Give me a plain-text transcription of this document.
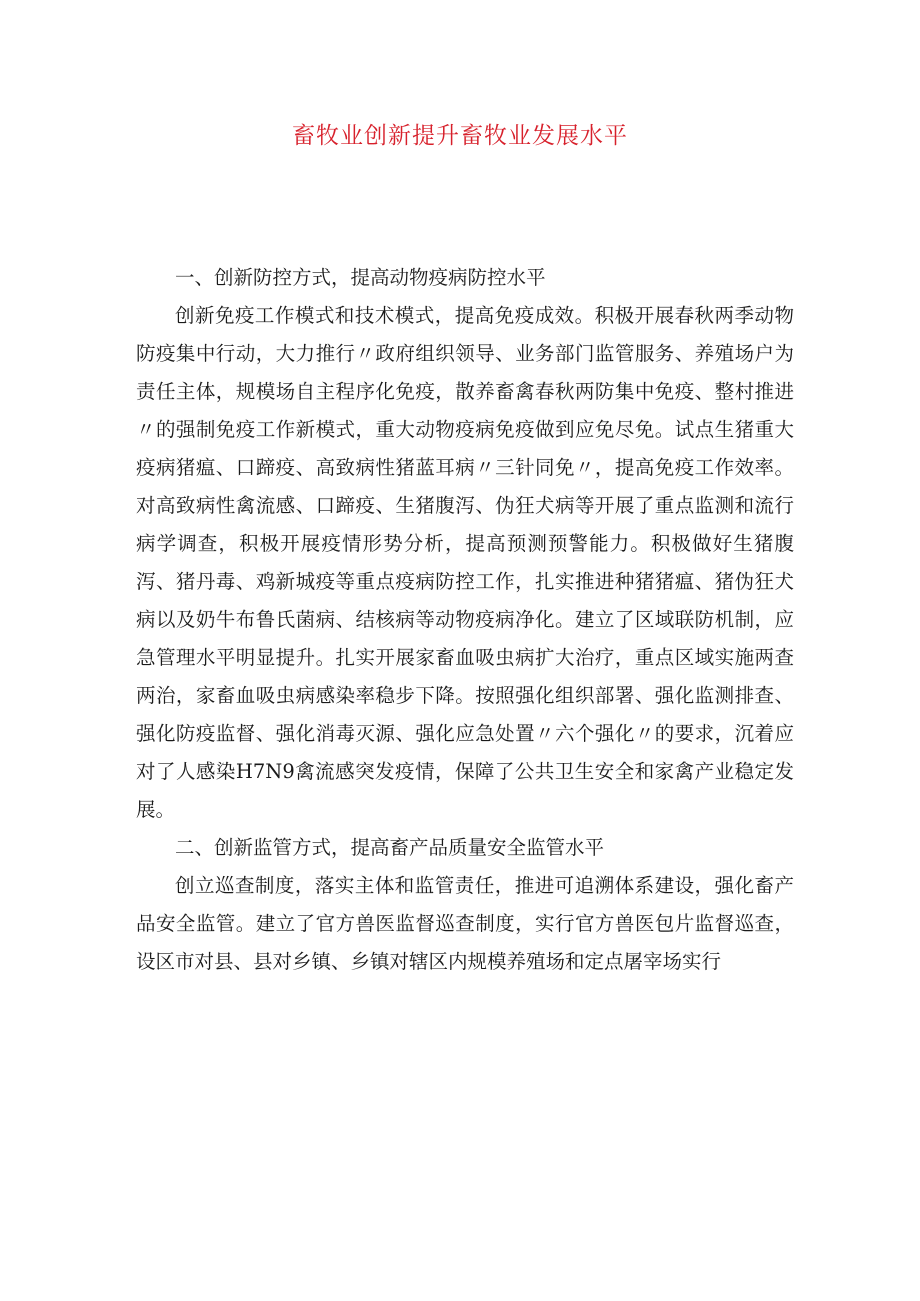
畜牧业创新提升畜牧业发展水平

一、创新防控方式，提高动物疫病防控水平

创新免疫工作模式和技术模式，提高免疫成效。积极开展春秋两季动物防疫集中行动，大力推行〃政府组织领导、业务部门监管服务、养殖场户为责任主体，规模场自主程序化免疫，散养畜禽春秋两防集中免疫、整村推进〃的强制免疫工作新模式，重大动物疫病免疫做到应免尽免。试点生猪重大疫病猪瘟、口蹄疫、高致病性猪蓝耳病〃三针同免〃，提高免疫工作效率。对高致病性禽流感、口蹄疫、生猪腹泻、伪狂犬病等开展了重点监测和流行病学调查，积极开展疫情形势分析，提高预测预警能力。积极做好生猪腹泻、猪丹毒、鸡新城疫等重点疫病防控工作，扎实推进种猪猪瘟、猪伪狂犬病以及奶牛布鲁氏菌病、结核病等动物疫病净化。建立了区域联防机制，应急管理水平明显提升。扎实开展家畜血吸虫病扩大治疗，重点区域实施两查两治，家畜血吸虫病感染率稳步下降。按照强化组织部署、强化监测排查、强化防疫监督、强化消毒灭源、强化应急处置〃六个强化〃的要求，沉着应对了人感染H7N9禽流感突发疫情，保障了公共卫生安全和家禽产业稳定发展。

二、创新监管方式，提高畜产品质量安全监管水平

创立巡查制度，落实主体和监管责任，推进可追溯体系建设，强化畜产品安全监管。建立了官方兽医监督巡查制度，实行官方兽医包片监督巡查，设区市对县、县对乡镇、乡镇对辖区内规模养殖场和定点屠宰场实行
